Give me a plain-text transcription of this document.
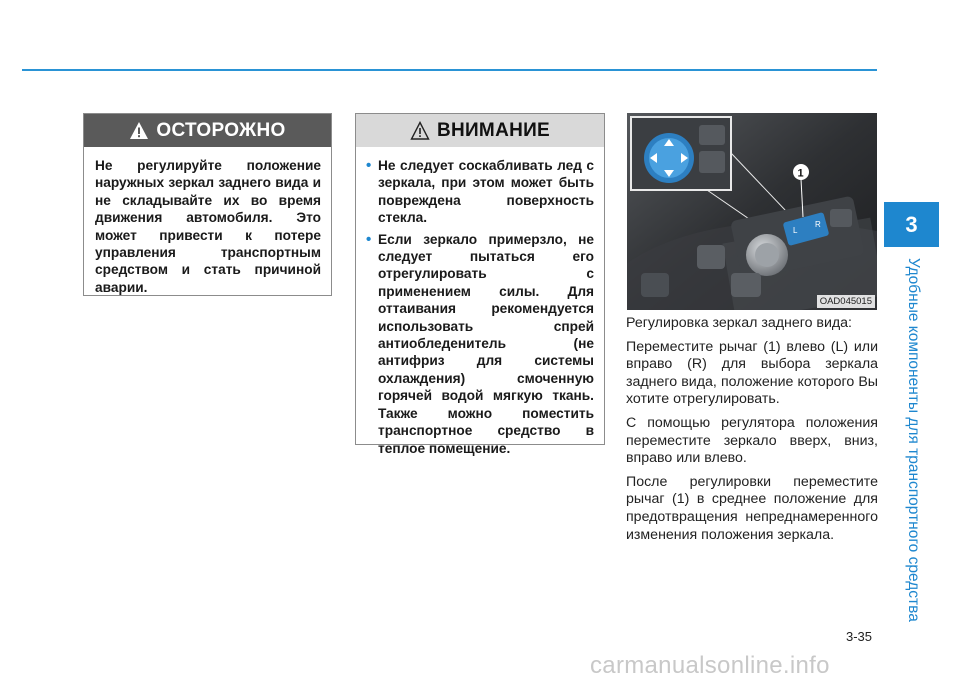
3
Удобные компоненты для транспортного средства
ОСТОРОЖНО
Не регулируйте положение наружных зеркал заднего вида и не складывайте их во время движения автомобиля. Это может привести к потере управления транспортным средством и стать причиной аварии.
ВНИМАНИЕ
• Не следует соскабливать лед с зеркала, при этом может быть повреждена поверхность стекла.
• Если зеркало примерзло, не следует пытаться его отрегулировать с применением силы. Для оттаивания рекомендуется использовать спрей антиобледенитель (не антифриз для системы охлаждения) смоченную горячей водой мягкую ткань. Также можно поместить транспортное средство в теплое помещение.
L
R
1
OAD045015

Регулировка зеркал заднего вида:

Переместите рычаг (1) влево (L) или вправо (R) для выбора зеркала заднего вида, положение которого Вы хотите отрегулировать.

С помощью регулятора положения переместите зеркало вверх, вниз, вправо или влево.

После регулировки переместите рычаг (1) в среднее положение для предотвращения непреднамеренного изменения положения зеркала.

3-35
carmanualsonline.info
